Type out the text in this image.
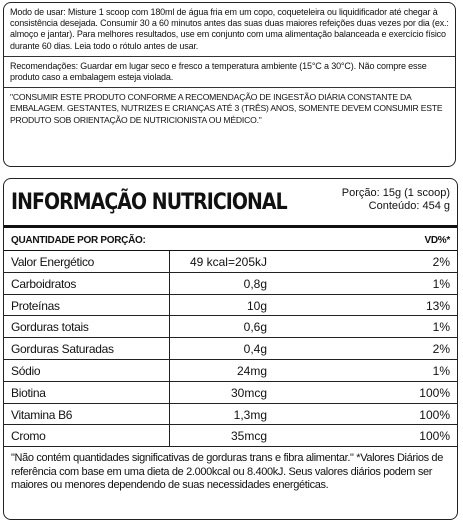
Modo de usar: Misture 1 scoop com 180ml de água fria em um copo, coqueteleira ou liquidificador até chegar à consistência desejada. Consumir 30 a 60 minutos antes das suas duas maiores refeições duas vezes por dia (ex.: almoço e jantar). Para melhores resultados, use em conjunto com uma alimentação balanceada e exercício físico durante 60 dias. Leia todo o rótulo antes de usar.

Recomendações: Guardar em lugar seco e fresco a temperatura ambiente (15°C a 30°C). Não compre esse produto caso a embalagem esteja violada.

"CONSUMIR ESTE PRODUTO CONFORME A RECOMENDAÇÃO DE INGESTÃO DIÁRIA CONSTANTE DA EMBALAGEM. GESTANTES, NUTRIZES E CRIANÇAS ATÉ 3 (TRÊS) ANOS, SOMENTE DEVEM CONSUMIR ESTE PRODUTO SOB ORIENTAÇÃO DE NUTRICIONISTA OU MÉDICO."

INFORMAÇÃO NUTRICIONAL	Porção: 15g (1 scoop)
Conteúdo: 454 g
QUANTIDADE POR PORÇÃO:	VD%*
Valor Energético	49 kcal=205kJ	2%
Carboidratos	0,8g	1%
Proteínas	10g	13%
Gorduras totais	0,6g	1%
Gorduras Saturadas	0,4g	2%
Sódio	24mg	1%
Biotina	30mcg	100%
Vitamina B6	1,3mg	100%
Cromo	35mcg	100%
"Não contém quantidades significativas de gorduras trans e fibra alimentar." *Valores Diários de referência com base em uma dieta de 2.000kcal ou 8.400kJ. Seus valores diários podem ser maiores ou menores dependendo de suas necessidades energéticas.
